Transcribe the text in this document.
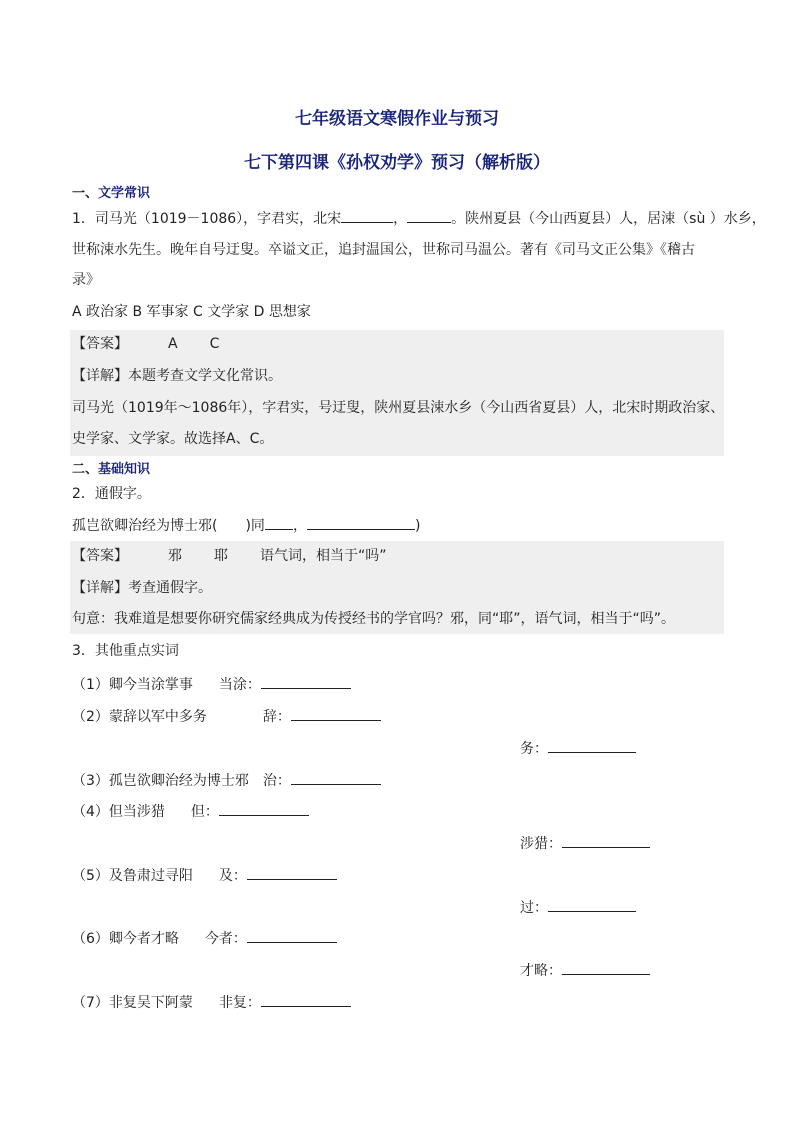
七年级语文寒假作业与预习
七下第四课《孙权劝学》预习（解析版）
一、文学常识
1．司马光（1019－1086），字君实，北宋	，	。陕州夏县（今山西夏县）人，居涑（sù ）水乡，
世称涑水先生。晚年自号迂叟。卒谥文正，追封温国公，世称司马温公。著有《司马文正公集》《稽古
录》
A 政治家 B 军事家 C 文学家 D 思想家
【答案】	A C
【详解】本题考查文学文化常识。
司马光（1019年～1086年），字君实，号迂叟，陕州夏县涑水乡（今山西省夏县）人，北宋时期政治家、
史学家、文学家。故选择A、C。
二、基础知识
2．通假字。
孤岂欲卿治经为博士邪( )同 ，	)
【答案】	邪 耶 语气词，相当于“吗”
【详解】考查通假字。
句意：我难道是想要你研究儒家经典成为传授经书的学官吗？邪，同“耶”，语气词，相当于“吗”。
3．其他重点实词
（1）卿今当涂掌事 当涂：
（2）蒙辞以军中多务	辞：
务：
（3）孤岂欲卿治经为博士邪 治：
（4）但当涉猎 但：
涉猎：
（5）及鲁肃过寻阳 及：
过：
（6）卿今者才略 今者：
才略：
（7）非复吴下阿蒙 非复：
